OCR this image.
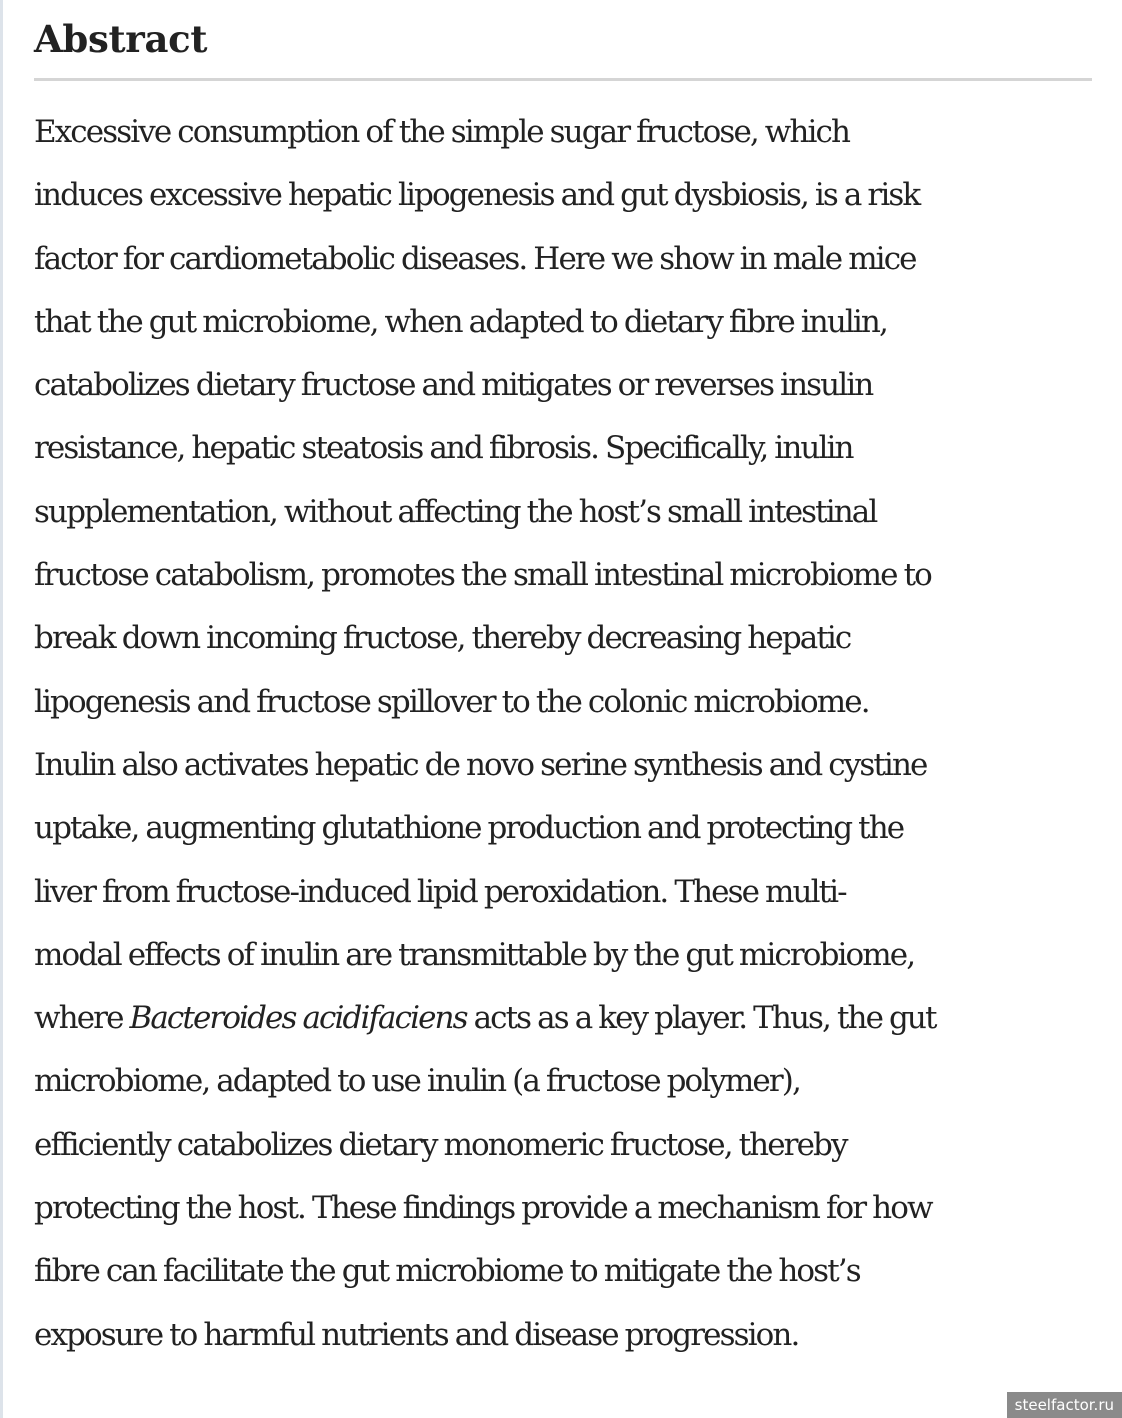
Abstract

Excessive consumption of the simple sugar fructose, which
induces excessive hepatic lipogenesis and gut dysbiosis, is a risk
factor for cardiometabolic diseases. Here we show in male mice
that the gut microbiome, when adapted to dietary fibre inulin,
catabolizes dietary fructose and mitigates or reverses insulin
resistance, hepatic steatosis and fibrosis. Specifically, inulin
supplementation, without affecting the host’s small intestinal
fructose catabolism, promotes the small intestinal microbiome to
break down incoming fructose, thereby decreasing hepatic
lipogenesis and fructose spillover to the colonic microbiome.
Inulin also activates hepatic de novo serine synthesis and cystine
uptake, augmenting glutathione production and protecting the
liver from fructose-induced lipid peroxidation. These multi-
modal effects of inulin are transmittable by the gut microbiome,
where Bacteroides acidifaciens acts as a key player. Thus, the gut
microbiome, adapted to use inulin (a fructose polymer),
efficiently catabolizes dietary monomeric fructose, thereby
protecting the host. These findings provide a mechanism for how
fibre can facilitate the gut microbiome to mitigate the host’s
exposure to harmful nutrients and disease progression.

steelfactor.ru
